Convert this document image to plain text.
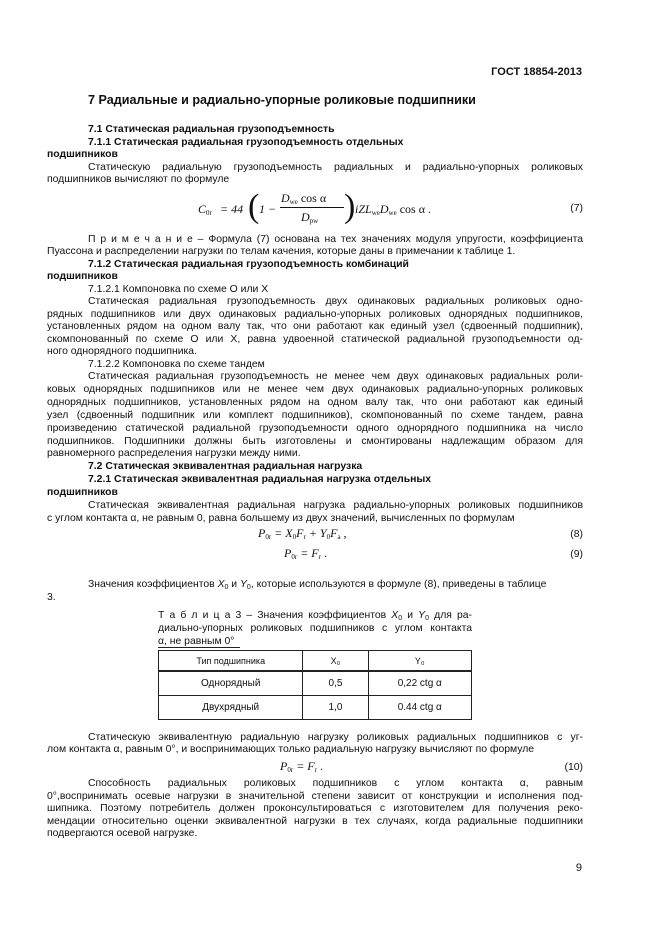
ГОСТ 18854-2013
7 Радиальные и радиально-упорные роликовые подшипники
7.1 Статическая радиальная грузоподъемность
7.1.1 Статическая радиальная грузоподъемность отдельных
подшипников
Статическую радиальную грузоподъемность радиальных и радиально-упорных роликовых
подшипников вычисляют по формуле
$C_{0r} = 44$ ( 1 −
$D_{we}$ cos α
$D_{pw}$ ) $iZL_{we}D_{we}$ cos α .	(7)
П р и м е ч а н и е – Формула (7) основана на тех значениях модуля упругости, коэффициента
Пуассона и распределении нагрузки по телам качения, которые даны в примечании к таблице 1.
7.1.2 Статическая радиальная грузоподъемность комбинаций
подшипников
7.1.2.1 Компоновка по схеме О или Х
Статическая радиальная грузоподъемность двух одинаковых радиальных роликовых одно-
рядных подшипников или двух одинаковых радиально-упорных роликовых однорядных подшипников,
установленных рядом на одном валу так, что они работают как единый узел (сдвоенный подшипник),
скомпонованный по схеме О или Х, равна удвоенной статической радиальной грузоподъемности од-
ного однорядного подшипника.
7.1.2.2 Компоновка по схеме тандем
Статическая радиальная грузоподъемность не менее чем двух одинаковых радиальных роли-
ковых однорядных подшипников или не менее чем двух одинаковых радиально-упорных роликовых
однорядных подшипников, установленных рядом на одном валу так, что они работают как единый
узел (сдвоенный подшипник или комплект подшипников), скомпонованный по схеме тандем, равна
произведению статической радиальной грузоподъемности одного однорядного подшипника на число
подшипников. Подшипники должны быть изготовлены и смонтированы надлежащим образом для
равномерного распределения нагрузки между ними.
7.2 Статическая эквивалентная радиальная нагрузка
7.2.1 Статическая эквивалентная радиальная нагрузка отдельных
подшипников
Статическая эквивалентная радиальная нагрузка радиально-упорных роликовых подшипников
с углом контакта α, не равным 0, равна большему из двух значений, вычисленных по формулам
$P_{0r} = X_0F_r + Y_0F_a$ ,	(8)
$P_{0r} = F_r$ .	(9)
Значения коэффициентов $X_0$ и $Y_0$, которые используются в формуле (8), приведены в таблице
3.
Т а б л и ц а 3 – Значения коэффициентов $X_0$ и $Y_0$ для ра-
диально-упорных роликовых подшипников с углом контакта
α, не равным 0°
Тип подшипника	X₀	Y₀
Однорядный	0,5	0,22 ctg α
Двухрядный	1,0	0.44 ctg α
Статическую эквивалентную радиальную нагрузку роликовых радиальных подшипников с уг-
лом контакта α, равным 0°, и воспринимающих только радиальную нагрузку вычисляют по формуле
$P_{0r} = F_r$ .	(10)
Способность радиальных роликовых подшипников с углом контакта α, равным
0°,воспринимать осевые нагрузки в значительной степени зависит от конструкции и исполнения под-
шипника. Поэтому потребитель должен проконсультироваться с изготовителем для получения реко-
мендации относительно оценки эквивалентной нагрузки в тех случаях, когда радиальные подшипники
подвергаются осевой нагрузке.
9
